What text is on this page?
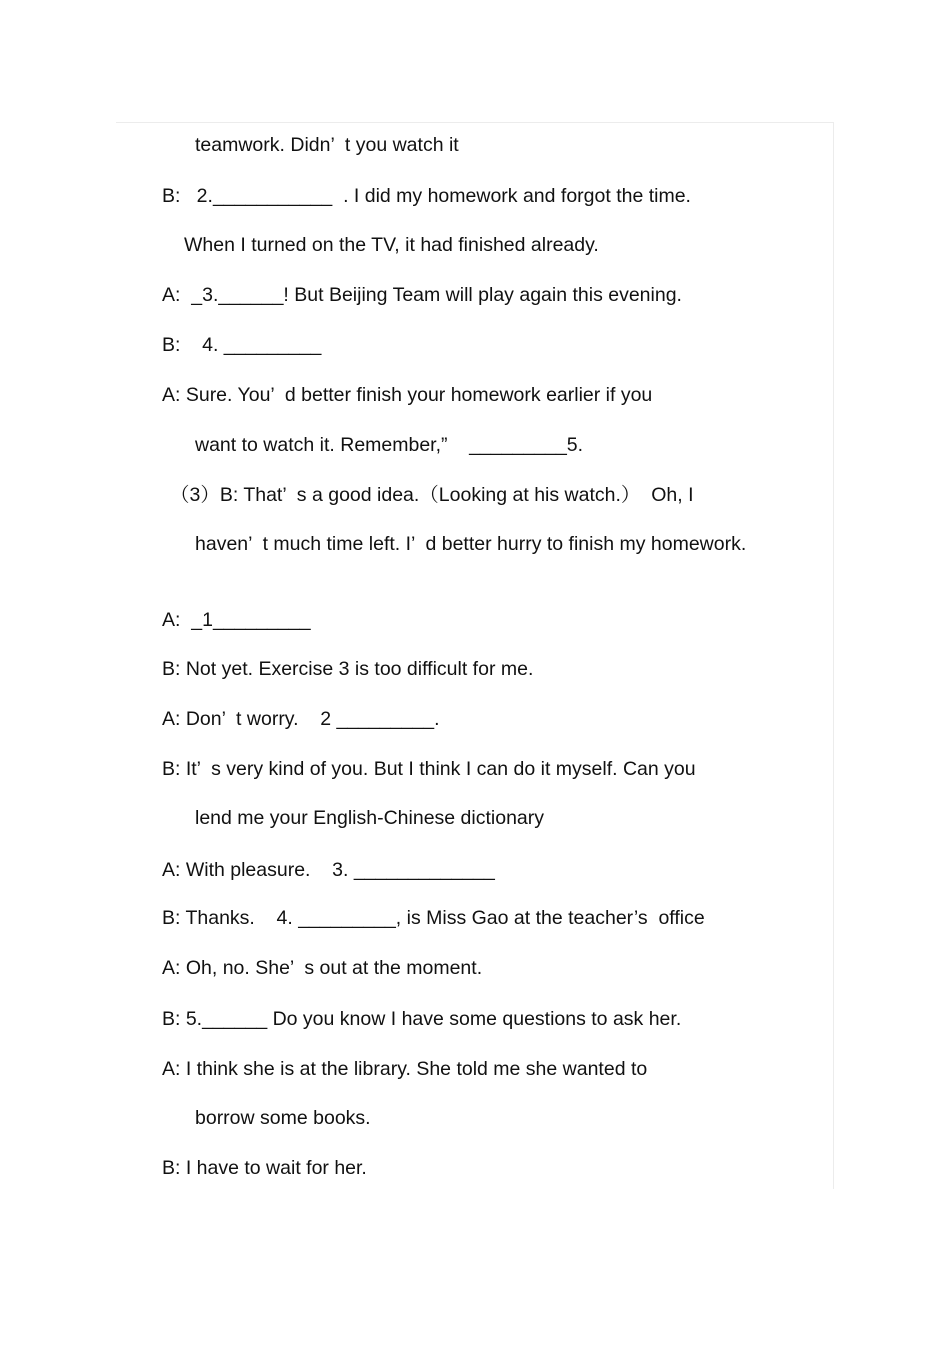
teamwork. Didn’  t you watch it
B:   2.___________  . I did my homework and forgot the time.
When I turned on the TV, it had finished already.
A:  _3.______! But Beijing Team will play again this evening.
B:    4. _________
A: Sure. You’  d better finish your homework earlier if you
want to watch it. Remember,”    _________5.
（3）B: That’  s a good idea.（Looking at his watch.）  Oh, I
haven’  t much time left. I’  d better hurry to finish my homework.
A:  _1_________
B: Not yet. Exercise 3 is too difficult for me.
A: Don’  t worry.    2 _________.
B: It’  s very kind of you. But I think I can do it myself. Can you
lend me your English-Chinese dictionary
A: With pleasure.    3. _____________
B: Thanks.    4. _________, is Miss Gao at the teacher’s  office
A: Oh, no. She’  s out at the moment.
B: 5.______ Do you know I have some questions to ask her.
A: I think she is at the library. She told me she wanted to
borrow some books.
B: I have to wait for her.
